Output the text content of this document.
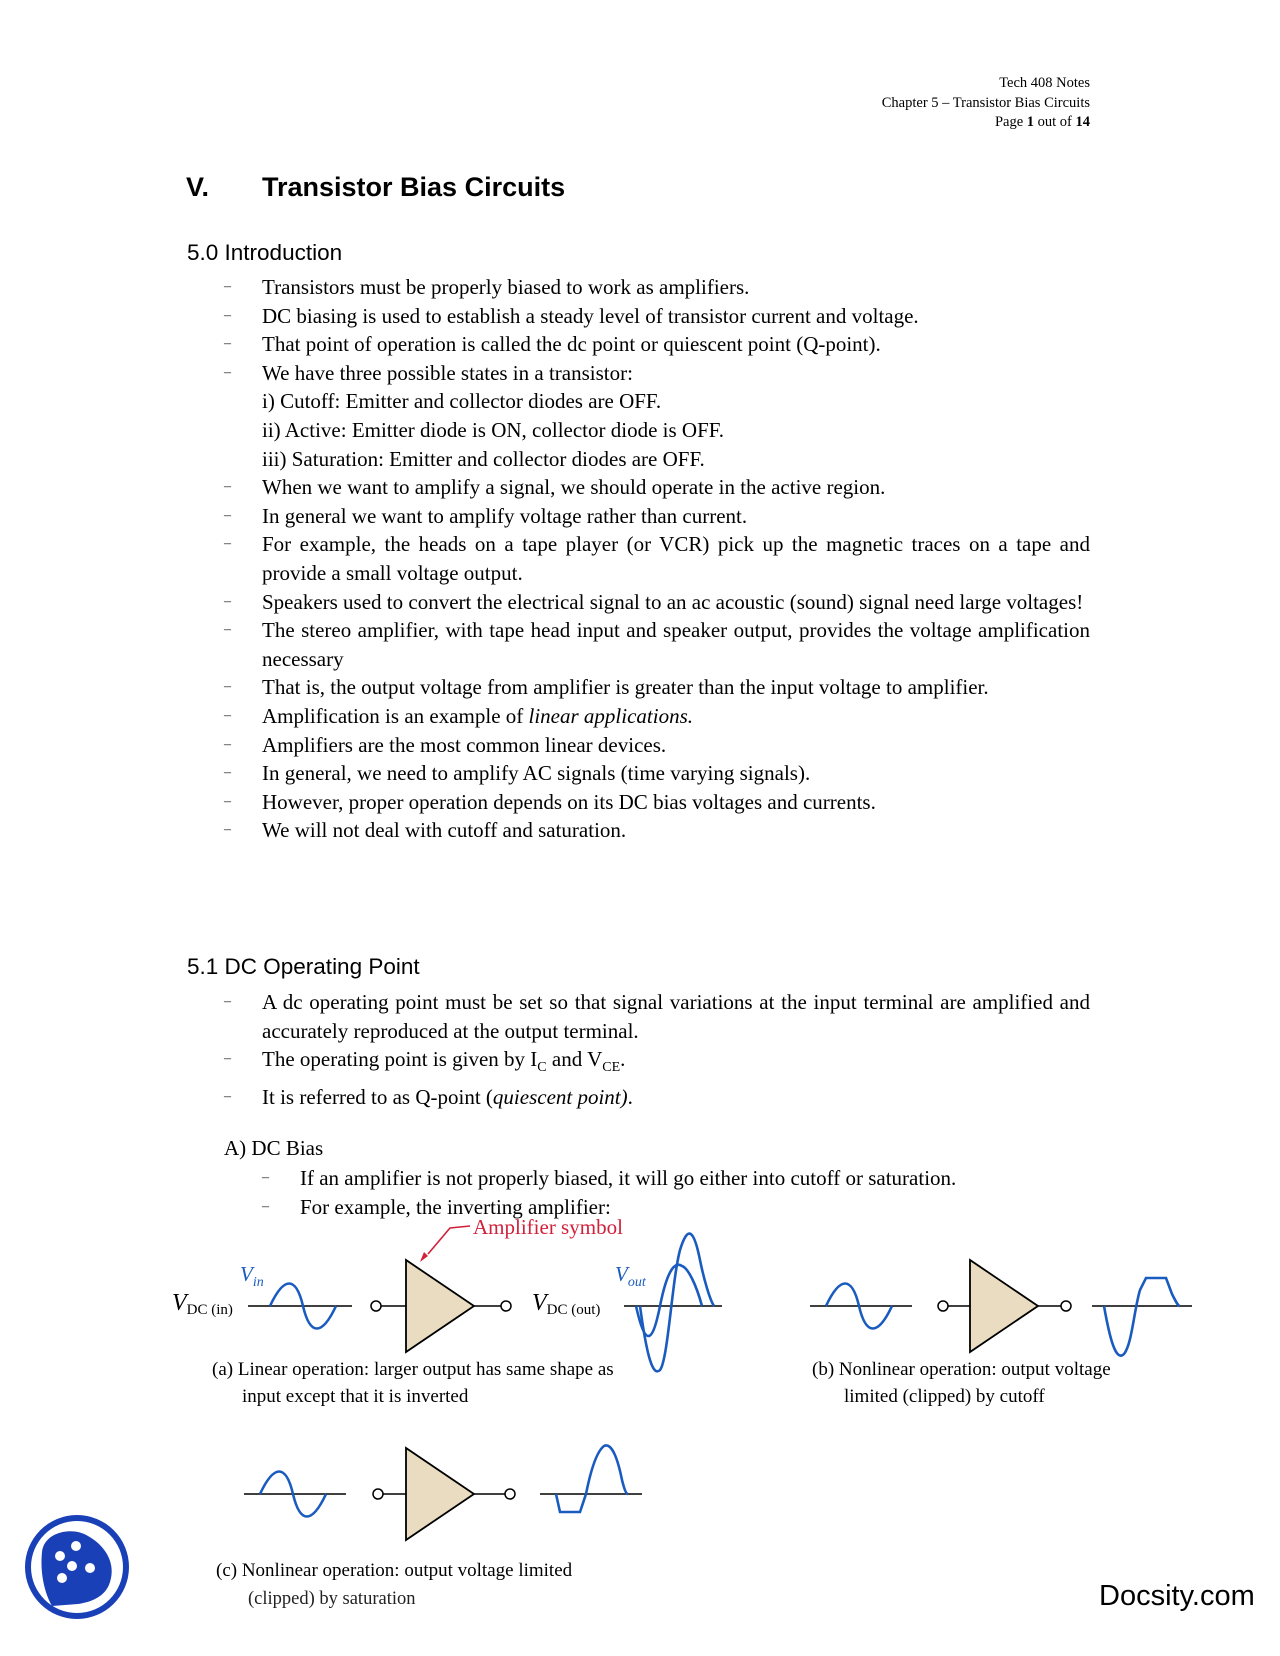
Tech 408 Notes
Chapter 5 – Transistor Bias Circuits
Page 1 out of 14
V. Transistor Bias Circuits
5.0 Introduction
– Transistors must be properly biased to work as amplifiers.
– DC biasing is used to establish a steady level of transistor current and voltage.
– That point of operation is called the dc point or quiescent point (Q-point).
– We have three possible states in a transistor:
i) Cutoff: Emitter and collector diodes are OFF.
ii) Active: Emitter diode is ON, collector diode is OFF.
iii) Saturation: Emitter and collector diodes are OFF.
– When we want to amplify a signal, we should operate in the active region.
– In general we want to amplify voltage rather than current.
– For example, the heads on a tape player (or VCR) pick up the magnetic traces on a tape and provide a small voltage output.
– Speakers used to convert the electrical signal to an ac acoustic (sound) signal need large voltages!
– The stereo amplifier, with tape head input and speaker output, provides the voltage amplification necessary
– That is, the output voltage from amplifier is greater than the input voltage to amplifier.
– Amplification is an example of linear applications.
– Amplifiers are the most common linear devices.
– In general, we need to amplify AC signals (time varying signals).
– However, proper operation depends on its DC bias voltages and currents.
– We will not deal with cutoff and saturation.
5.1 DC Operating Point
– A dc operating point must be set so that signal variations at the input terminal are amplified and accurately reproduced at the output terminal.
– The operating point is given by $I_C$ and $V_{CE}$.
– It is referred to as Q-point (quiescent point).
A) DC Bias
– If an amplifier is not properly biased, it will go either into cutoff or saturation.
– For example, the inverting amplifier:
Amplifier symbol
VDC (in)
$V_{in}$
VDC (out)
$V_{out}$
(a) Linear operation: larger output has same shape as
input except that it is inverted
(b) Nonlinear operation: output voltage
limited (clipped) by cutoff
(c) Nonlinear operation: output voltage limited
(clipped) by saturation	Docsity.com
